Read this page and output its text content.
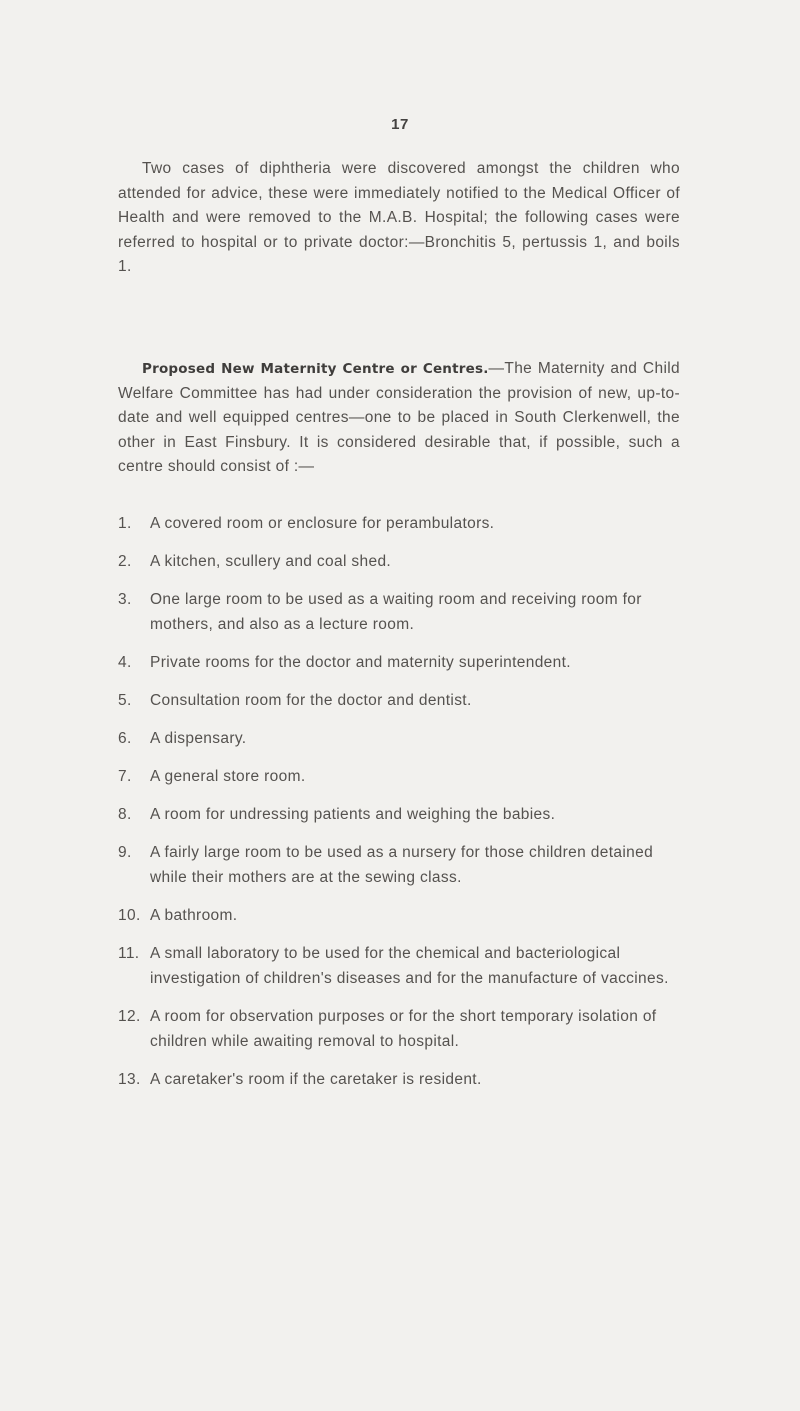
17

Two cases of diphtheria were discovered amongst the children who attended for advice, these were immediately notified to the Medical Officer of Health and were removed to the M.A.B. Hospital; the following cases were referred to hospital or to private doctor:—Bronchitis 5, pertussis 1, and boils 1.

Proposed New Maternity Centre or Centres.—The Maternity and Child Welfare Committee has had under consideration the provision of new, up-to-date and well equipped centres—one to be placed in South Clerkenwell, the other in East Finsbury. It is considered desirable that, if possible, such a centre should consist of :—

1.	A covered room or enclosure for perambulators.
2.	A kitchen, scullery and coal shed.
3.	One large room to be used as a waiting room and receiving room for mothers, and also as a lecture room.
4.	Private rooms for the doctor and maternity superintendent.
5.	Consultation room for the doctor and dentist.
6.	A dispensary.
7.	A general store room.
8.	A room for undressing patients and weighing the babies.
9.	A fairly large room to be used as a nursery for those children detained while their mothers are at the sewing class.
10. A bathroom.
11. A small laboratory to be used for the chemical and bacteriological investigation of children's diseases and for the manufacture of vaccines.
12. A room for observation purposes or for the short temporary isolation of children while awaiting removal to hospital.
13. A caretaker's room if the caretaker is resident.
